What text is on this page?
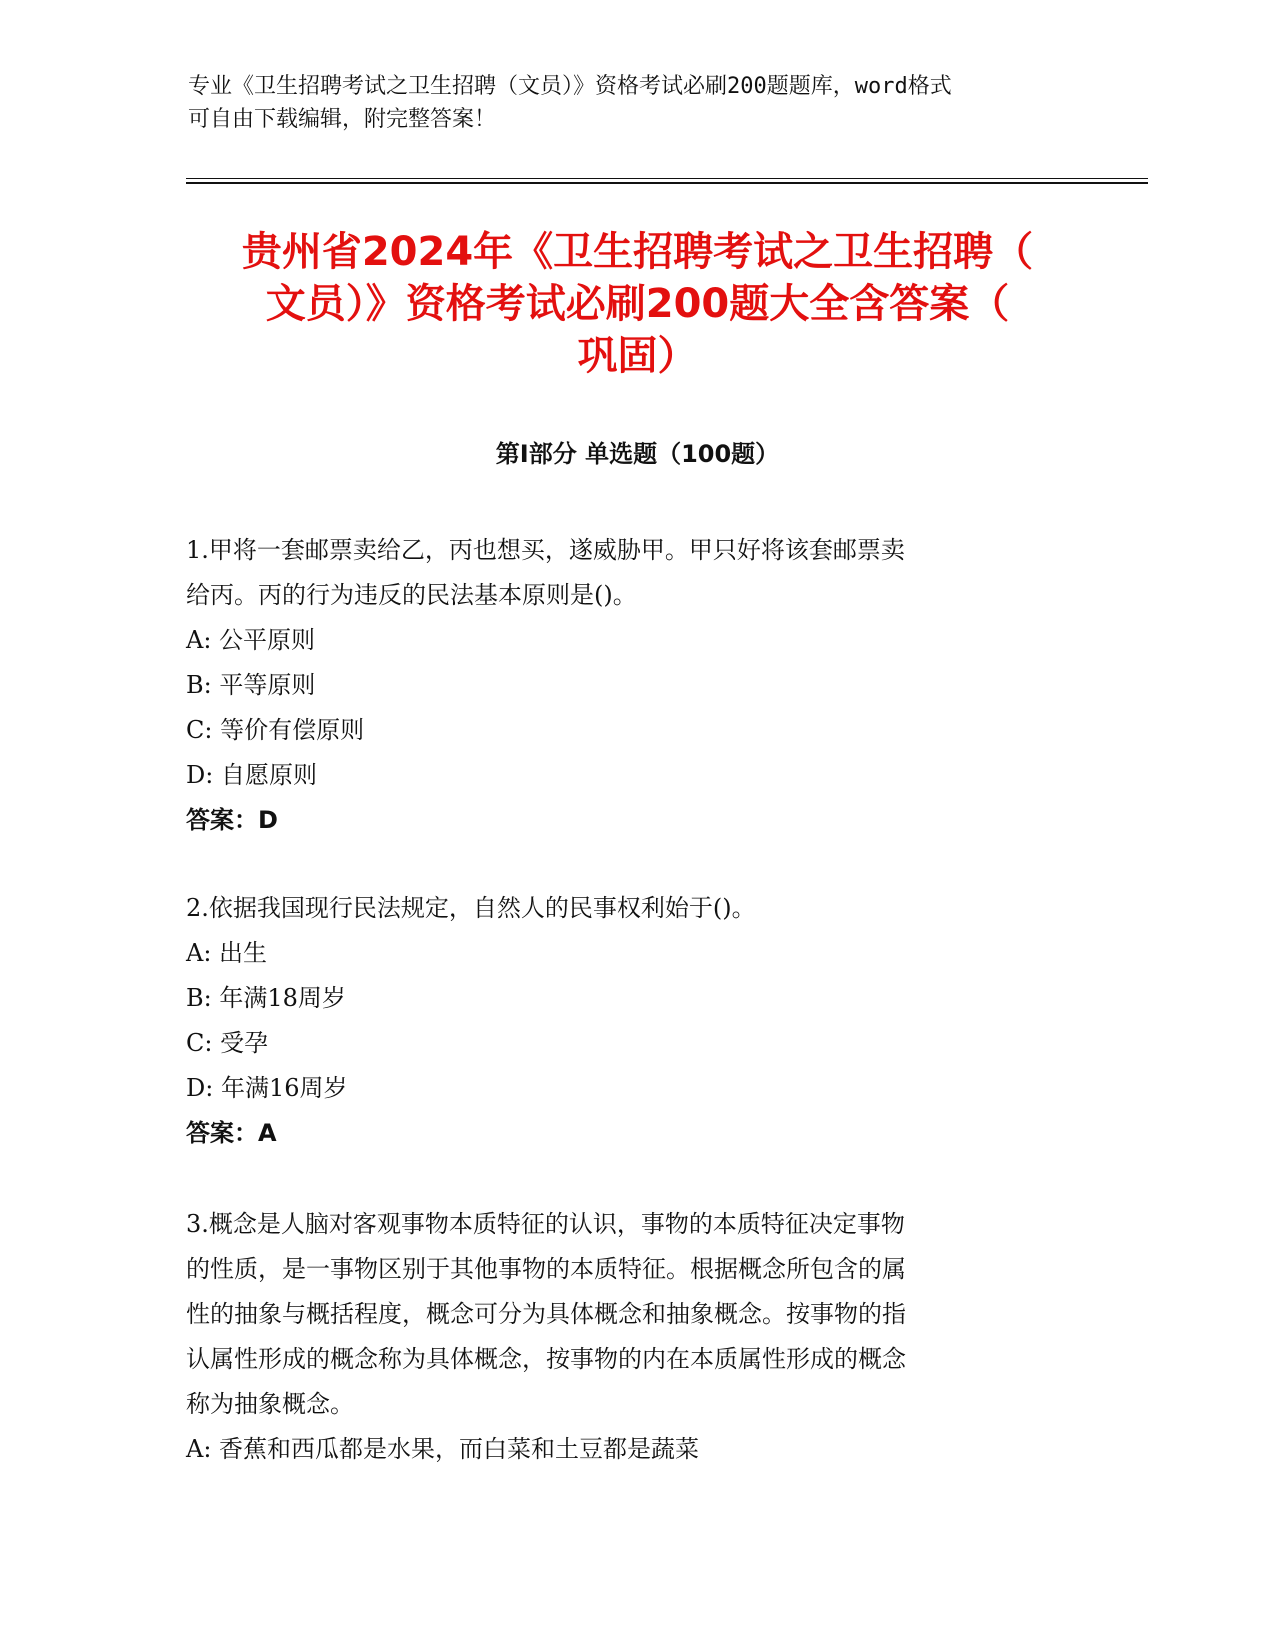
专业《卫生招聘考试之卫生招聘（文员）》资格考试必刷200题题库，word格式
可自由下载编辑，附完整答案！
贵州省2024年《卫生招聘考试之卫生招聘（
文员）》资格考试必刷200题大全含答案（
巩固）
第I部分 单选题（100题）
1.甲将一套邮票卖给乙，丙也想买，遂威胁甲。甲只好将该套邮票卖
给丙。丙的行为违反的民法基本原则是()。
A: 公平原则
B: 平等原则
C: 等价有偿原则
D: 自愿原则
答案：D
2.依据我国现行民法规定，自然人的民事权利始于()。
A: 出生
B: 年满18周岁
C: 受孕
D: 年满16周岁
答案：A
3.概念是人脑对客观事物本质特征的认识，事物的本质特征决定事物
的性质，是一事物区别于其他事物的本质特征。根据概念所包含的属
性的抽象与概括程度，概念可分为具体概念和抽象概念。按事物的指
认属性形成的概念称为具体概念，按事物的内在本质属性形成的概念
称为抽象概念。
A: 香蕉和西瓜都是水果，而白菜和土豆都是蔬菜
